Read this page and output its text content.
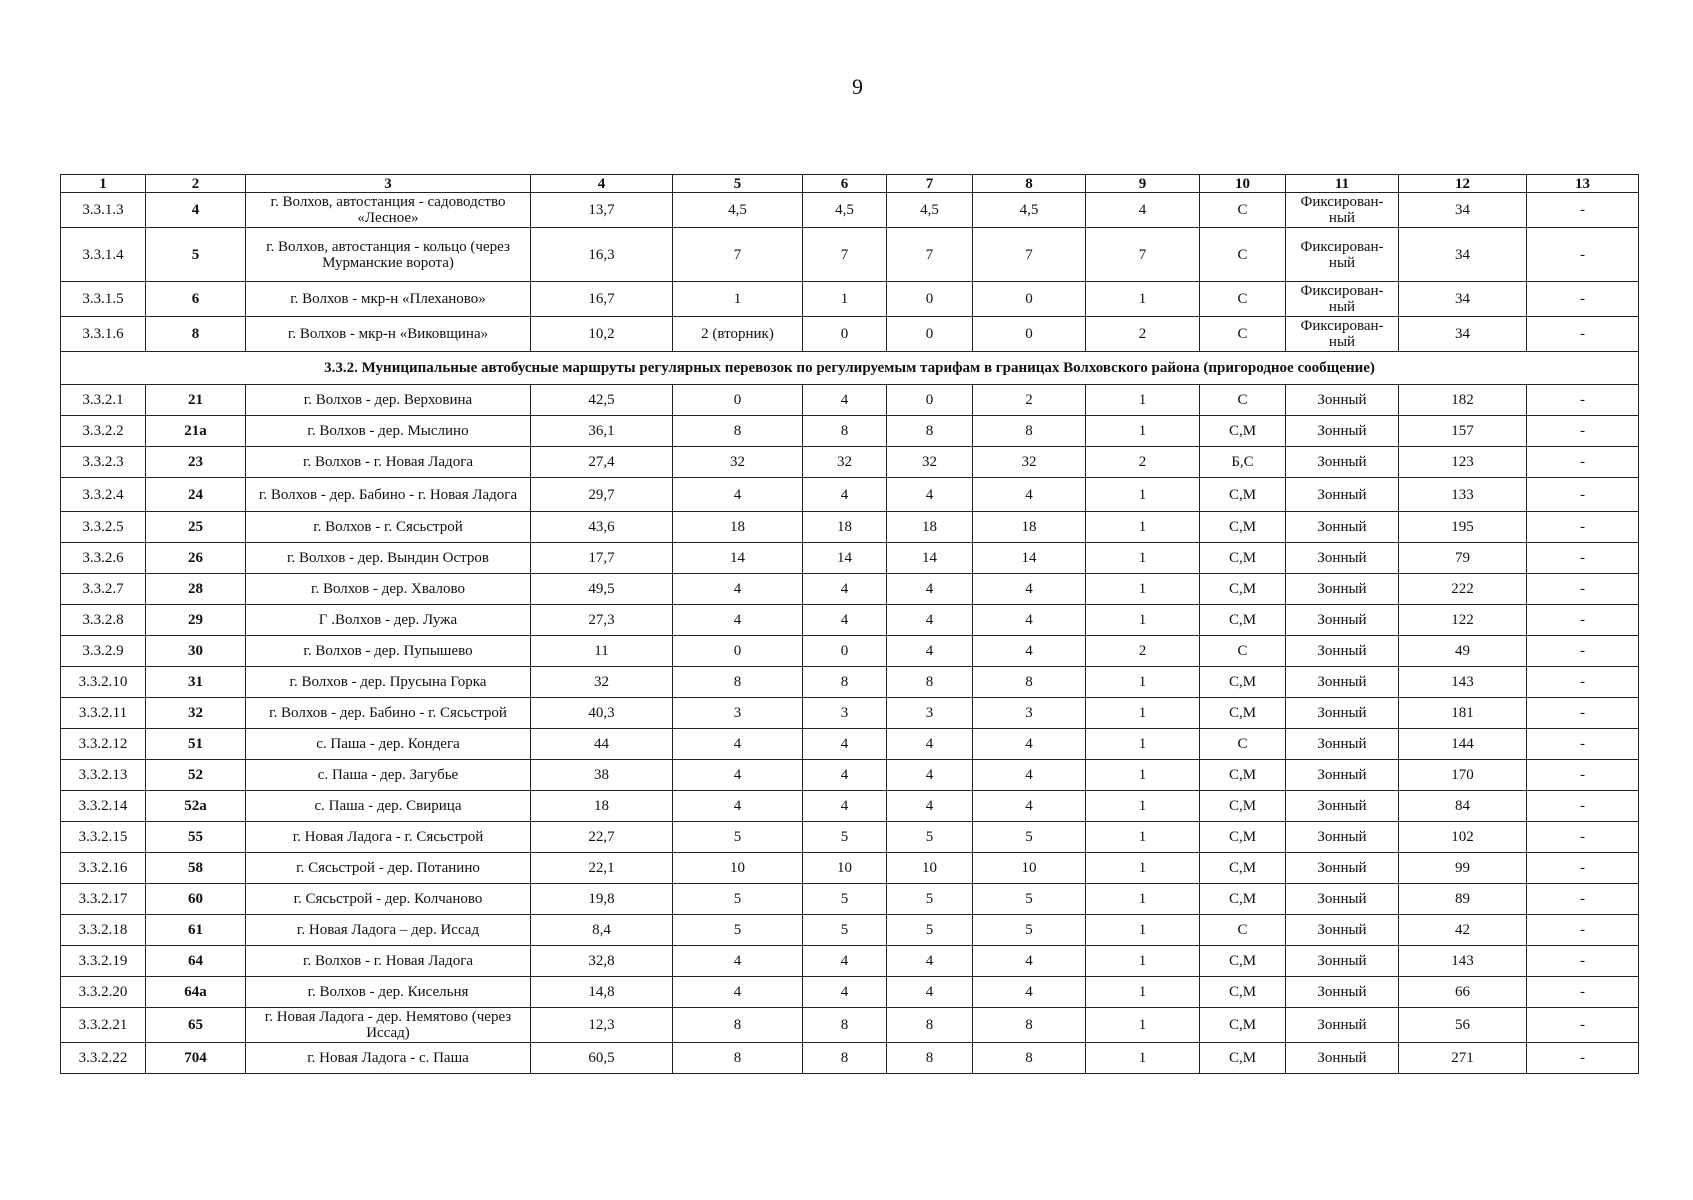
9
1	2	3	4	5	6	7	8	9	10	11	12	13
3.3.1.3	4	г. Волхов, автостанция - садоводство «Лесное»	13,7	4,5	4,5	4,5	4,5	4	С	Фиксирован-ный	34	-
3.3.1.4	5	г. Волхов, автостанция - кольцо (через Мурманские ворота)	16,3	7	7	7	7	7	С	Фиксирован-ный	34	-
3.3.1.5	6	г. Волхов - мкр-н «Плеханово»	16,7	1	1	0	0	1	С	Фиксирован-ный	34	-
3.3.1.6	8	г. Волхов - мкр-н «Виковщина»	10,2	2 (вторник)	0	0	0	2	С	Фиксирован-ный	34	-
3.3.2. Муниципальные автобусные маршруты регулярных перевозок по регулируемым тарифам в границах Волховского района (пригородное сообщение)												
3.3.2.1	21	г. Волхов - дер. Верховина	42,5	0	4	0	2	1	С	Зонный	182	-
3.3.2.2	21а	г. Волхов - дер. Мыслино	36,1	8	8	8	8	1	С,М	Зонный	157	-
3.3.2.3	23	г. Волхов - г. Новая Ладога	27,4	32	32	32	32	2	Б,С	Зонный	123	-
3.3.2.4	24	г. Волхов - дер. Бабино - г. Новая Ладога	29,7	4	4	4	4	1	С,М	Зонный	133	-
3.3.2.5	25	г. Волхов - г. Сясьстрой	43,6	18	18	18	18	1	С,М	Зонный	195	-
3.3.2.6	26	г. Волхов - дер. Вындин Остров	17,7	14	14	14	14	1	С,М	Зонный	79	-
3.3.2.7	28	г. Волхов - дер. Хвалово	49,5	4	4	4	4	1	С,М	Зонный	222	-
3.3.2.8	29	Г .Волхов - дер. Лужа	27,3	4	4	4	4	1	С,М	Зонный	122	-
3.3.2.9	30	г. Волхов - дер. Пупышево	11	0	0	4	4	2	С	Зонный	49	-
3.3.2.10	31	г. Волхов - дер. Прусына Горка	32	8	8	8	8	1	С,М	Зонный	143	-
3.3.2.11	32	г. Волхов - дер. Бабино - г. Сясьстрой	40,3	3	3	3	3	1	С,М	Зонный	181	-
3.3.2.12	51	с. Паша - дер. Кондега	44	4	4	4	4	1	С	Зонный	144	-
3.3.2.13	52	с. Паша - дер. Загубье	38	4	4	4	4	1	С,М	Зонный	170	-
3.3.2.14	52а	с. Паша - дер. Свирица	18	4	4	4	4	1	С,М	Зонный	84	-
3.3.2.15	55	г. Новая Ладога - г. Сясьстрой	22,7	5	5	5	5	1	С,М	Зонный	102	-
3.3.2.16	58	г. Сясьстрой - дер. Потанино	22,1	10	10	10	10	1	С,М	Зонный	99	-
3.3.2.17	60	г. Сясьстрой - дер. Колчаново	19,8	5	5	5	5	1	С,М	Зонный	89	-
3.3.2.18	61	г. Новая Ладога – дер. Иссад	8,4	5	5	5	5	1	С	Зонный	42	-
3.3.2.19	64	г. Волхов - г. Новая Ладога	32,8	4	4	4	4	1	С,М	Зонный	143	-
3.3.2.20	64а	г. Волхов - дер. Кисельня	14,8	4	4	4	4	1	С,М	Зонный	66	-
3.3.2.21	65	г. Новая Ладога - дер. Немятово (через Иссад)	12,3	8	8	8	8	1	С,М	Зонный	56	-
3.3.2.22	704	г. Новая Ладога - с. Паша	60,5	8	8	8	8	1	С,М	Зонный	271	-
